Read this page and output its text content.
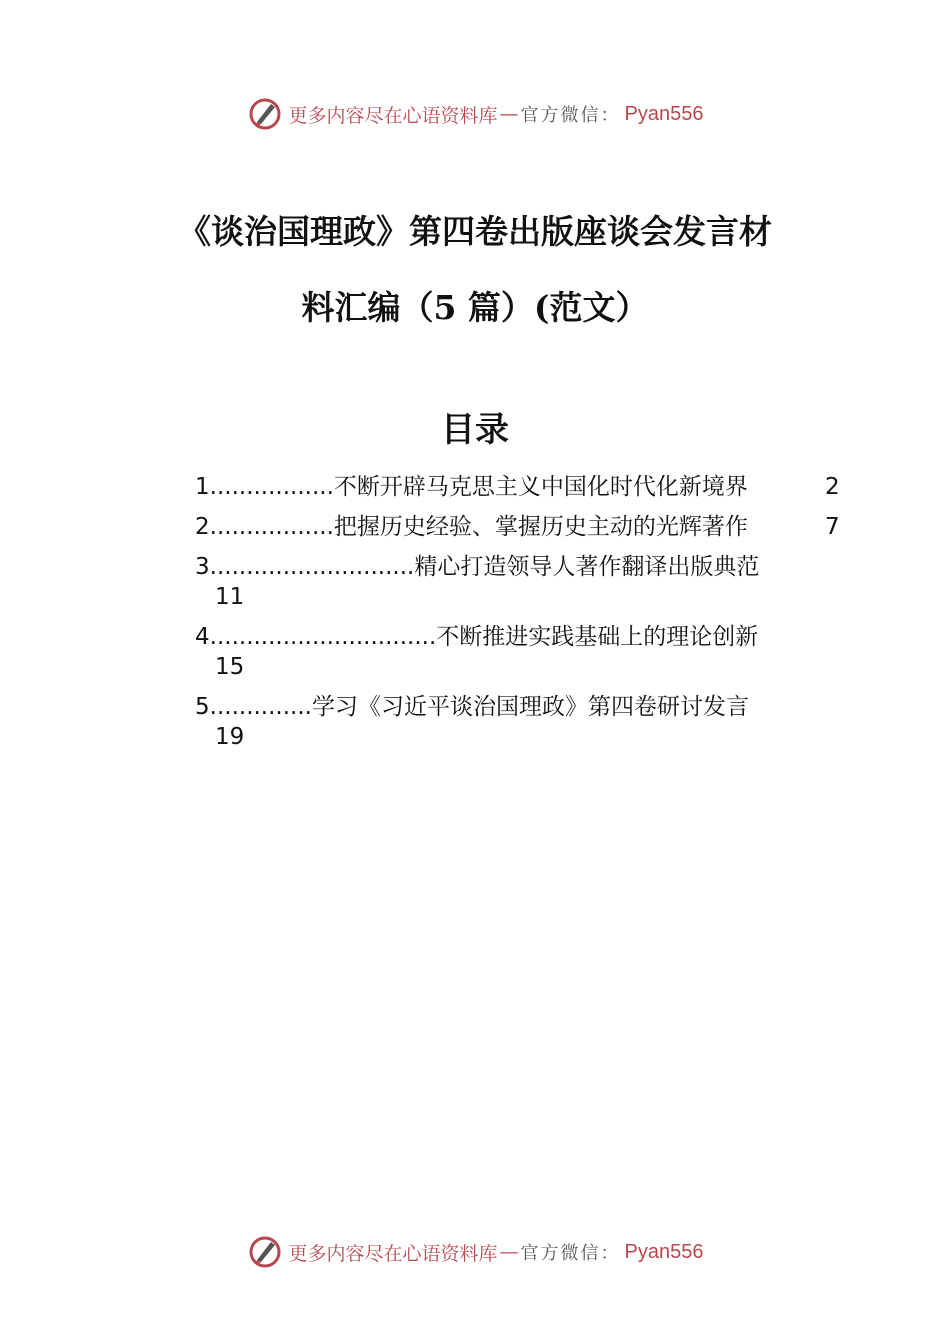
更多内容尽在心语资料库 — 官方微信： Pyan556
《谈治国理政》第四卷出版座谈会发言材
料汇编（5 篇）(范文）
目录
1................. 不断开辟马克思主义中国化时代化新境界	2
2................. 把握历史经验、掌握历史主动的光辉著作	7
3............................ 精心打造领导人著作翻译出版典范
11
4............................... 不断推进实践基础上的理论创新
15
5.............. 学习《习近平谈治国理政》第四卷研讨发言
19
更多内容尽在心语资料库 — 官方微信： Pyan556
